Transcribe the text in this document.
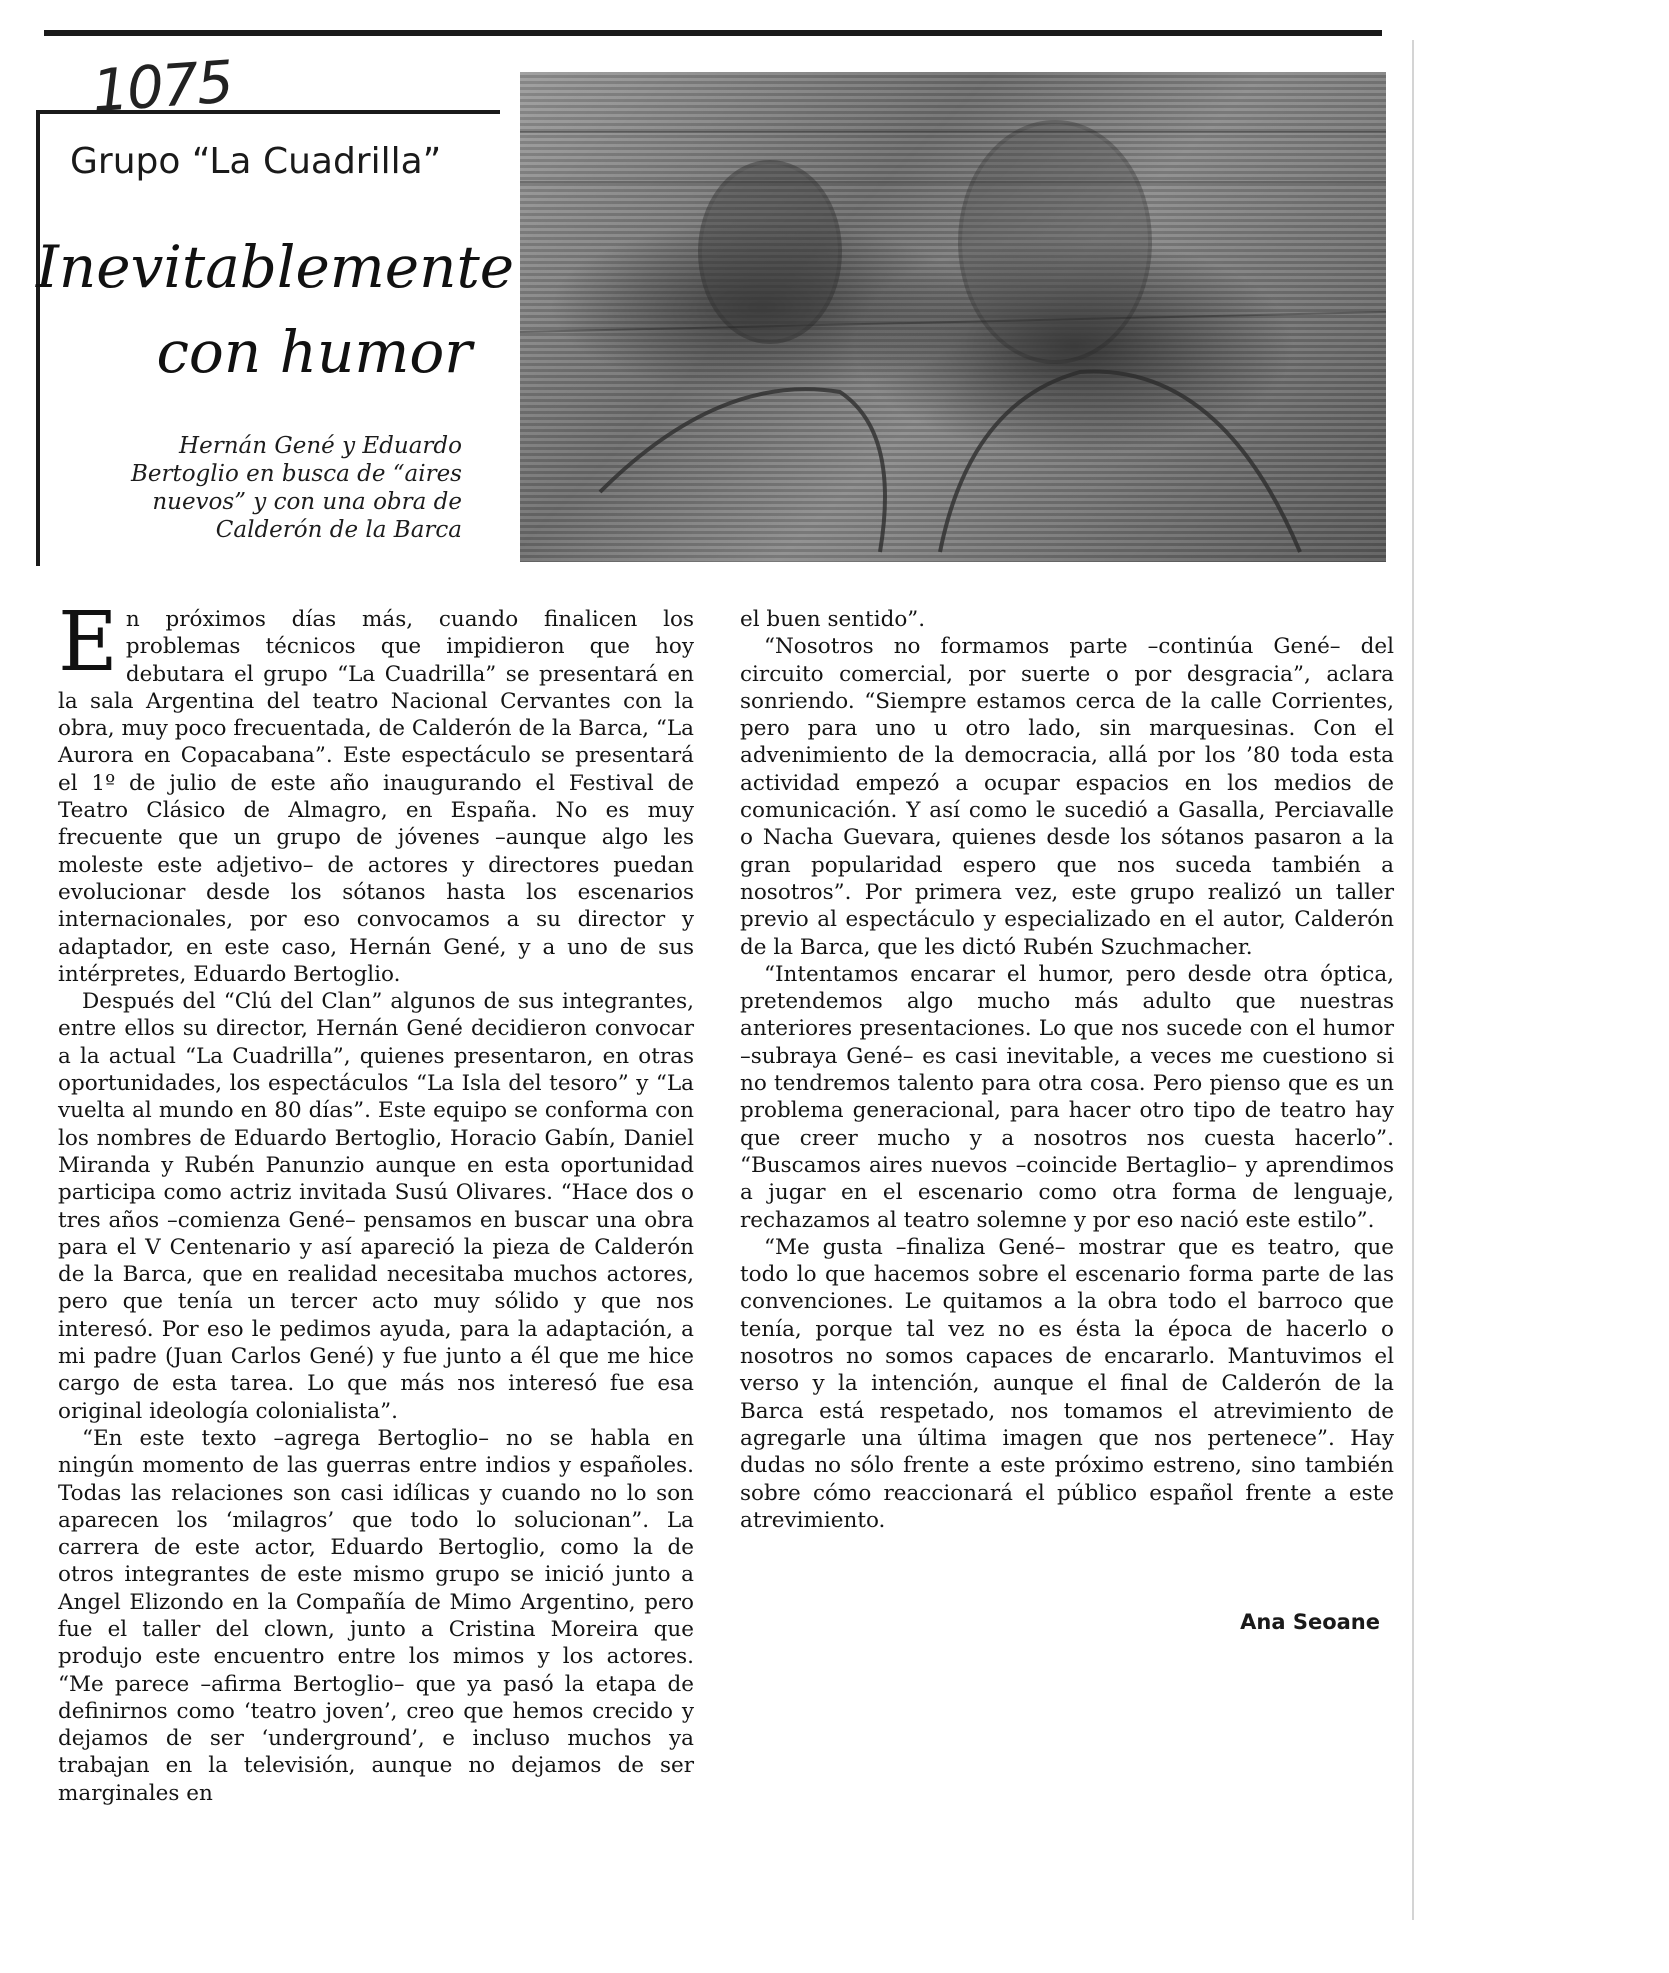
1075
Grupo “La Cuadrilla”
Inevitablemente
con humor
Hernán Gené y Eduardo Bertoglio en busca de “aires nuevos” y con una obra de Calderón de la Barca

En próximos días más, cuando finalicen los problemas técnicos que impidieron que hoy debutara el grupo “La Cuadrilla” se presentará en la sala Argentina del teatro Nacional Cervantes con la obra, muy poco frecuentada, de Calderón de la Barca, “La Aurora en Copacabana”. Este espectáculo se presentará el 1º de julio de este año inaugurando el Festival de Teatro Clásico de Almagro, en España. No es muy frecuente que un grupo de jóvenes –aunque algo les moleste este adjetivo– de actores y directores puedan evolucionar desde los sótanos hasta los escenarios internacionales, por eso convocamos a su director y adaptador, en este caso, Hernán Gené, y a uno de sus intérpretes, Eduardo Bertoglio.

Después del “Clú del Clan” algunos de sus integrantes, entre ellos su director, Hernán Gené decidieron convocar a la actual “La Cuadrilla”, quienes presentaron, en otras oportunidades, los espectáculos “La Isla del tesoro” y “La vuelta al mundo en 80 días”. Este equipo se conforma con los nombres de Eduardo Bertoglio, Horacio Gabín, Daniel Miranda y Rubén Panunzio aunque en esta oportunidad participa como actriz invitada Susú Olivares. “Hace dos o tres años –comienza Gené– pensamos en buscar una obra para el V Centenario y así apareció la pieza de Calderón de la Barca, que en realidad necesitaba muchos actores, pero que tenía un tercer acto muy sólido y que nos interesó. Por eso le pedimos ayuda, para la adaptación, a mi padre (Juan Carlos Gené) y fue junto a él que me hice cargo de esta tarea. Lo que más nos interesó fue esa original ideología colonialista”.

“En este texto –agrega Bertoglio– no se habla en ningún momento de las guerras entre indios y españoles. Todas las relaciones son casi idílicas y cuando no lo son aparecen los ‘milagros’ que todo lo solucionan”. La carrera de este actor, Eduardo Bertoglio, como la de otros integrantes de este mismo grupo se inició junto a Angel Elizondo en la Compañía de Mimo Argentino, pero fue el taller del clown, junto a Cristina Moreira que produjo este encuentro entre los mimos y los actores. “Me parece –afirma Bertoglio– que ya pasó la etapa de definirnos como ‘teatro joven’, creo que hemos crecido y dejamos de ser ‘underground’, e incluso muchos ya trabajan en la televisión, aunque no dejamos de ser marginales en

el buen sentido”.

“Nosotros no formamos parte –continúa Gené– del circuito comercial, por suerte o por desgracia”, aclara sonriendo. “Siempre estamos cerca de la calle Corrientes, pero para uno u otro lado, sin marquesinas. Con el advenimiento de la democracia, allá por los ’80 toda esta actividad empezó a ocupar espacios en los medios de comunicación. Y así como le sucedió a Gasalla, Perciavalle o Nacha Guevara, quienes desde los sótanos pasaron a la gran popularidad espero que nos suceda también a nosotros”. Por primera vez, este grupo realizó un taller previo al espectáculo y especializado en el autor, Calderón de la Barca, que les dictó Rubén Szuchmacher.

“Intentamos encarar el humor, pero desde otra óptica, pretendemos algo mucho más adulto que nuestras anteriores presentaciones. Lo que nos sucede con el humor –subraya Gené– es casi inevitable, a veces me cuestiono si no tendremos talento para otra cosa. Pero pienso que es un problema generacional, para hacer otro tipo de teatro hay que creer mucho y a nosotros nos cuesta hacerlo”. “Buscamos aires nuevos –coincide Bertaglio– y aprendimos a jugar en el escenario como otra forma de lenguaje, rechazamos al teatro solemne y por eso nació este estilo”.

“Me gusta –finaliza Gené– mostrar que es teatro, que todo lo que hacemos sobre el escenario forma parte de las convenciones. Le quitamos a la obra todo el barroco que tenía, porque tal vez no es ésta la época de hacerlo o nosotros no somos capaces de encararlo. Mantuvimos el verso y la intención, aunque el final de Calderón de la Barca está respetado, nos tomamos el atrevimiento de agregarle una última imagen que nos pertenece”. Hay dudas no sólo frente a este próximo estreno, sino también sobre cómo reaccionará el público español frente a este atrevimiento.

Ana Seoane
